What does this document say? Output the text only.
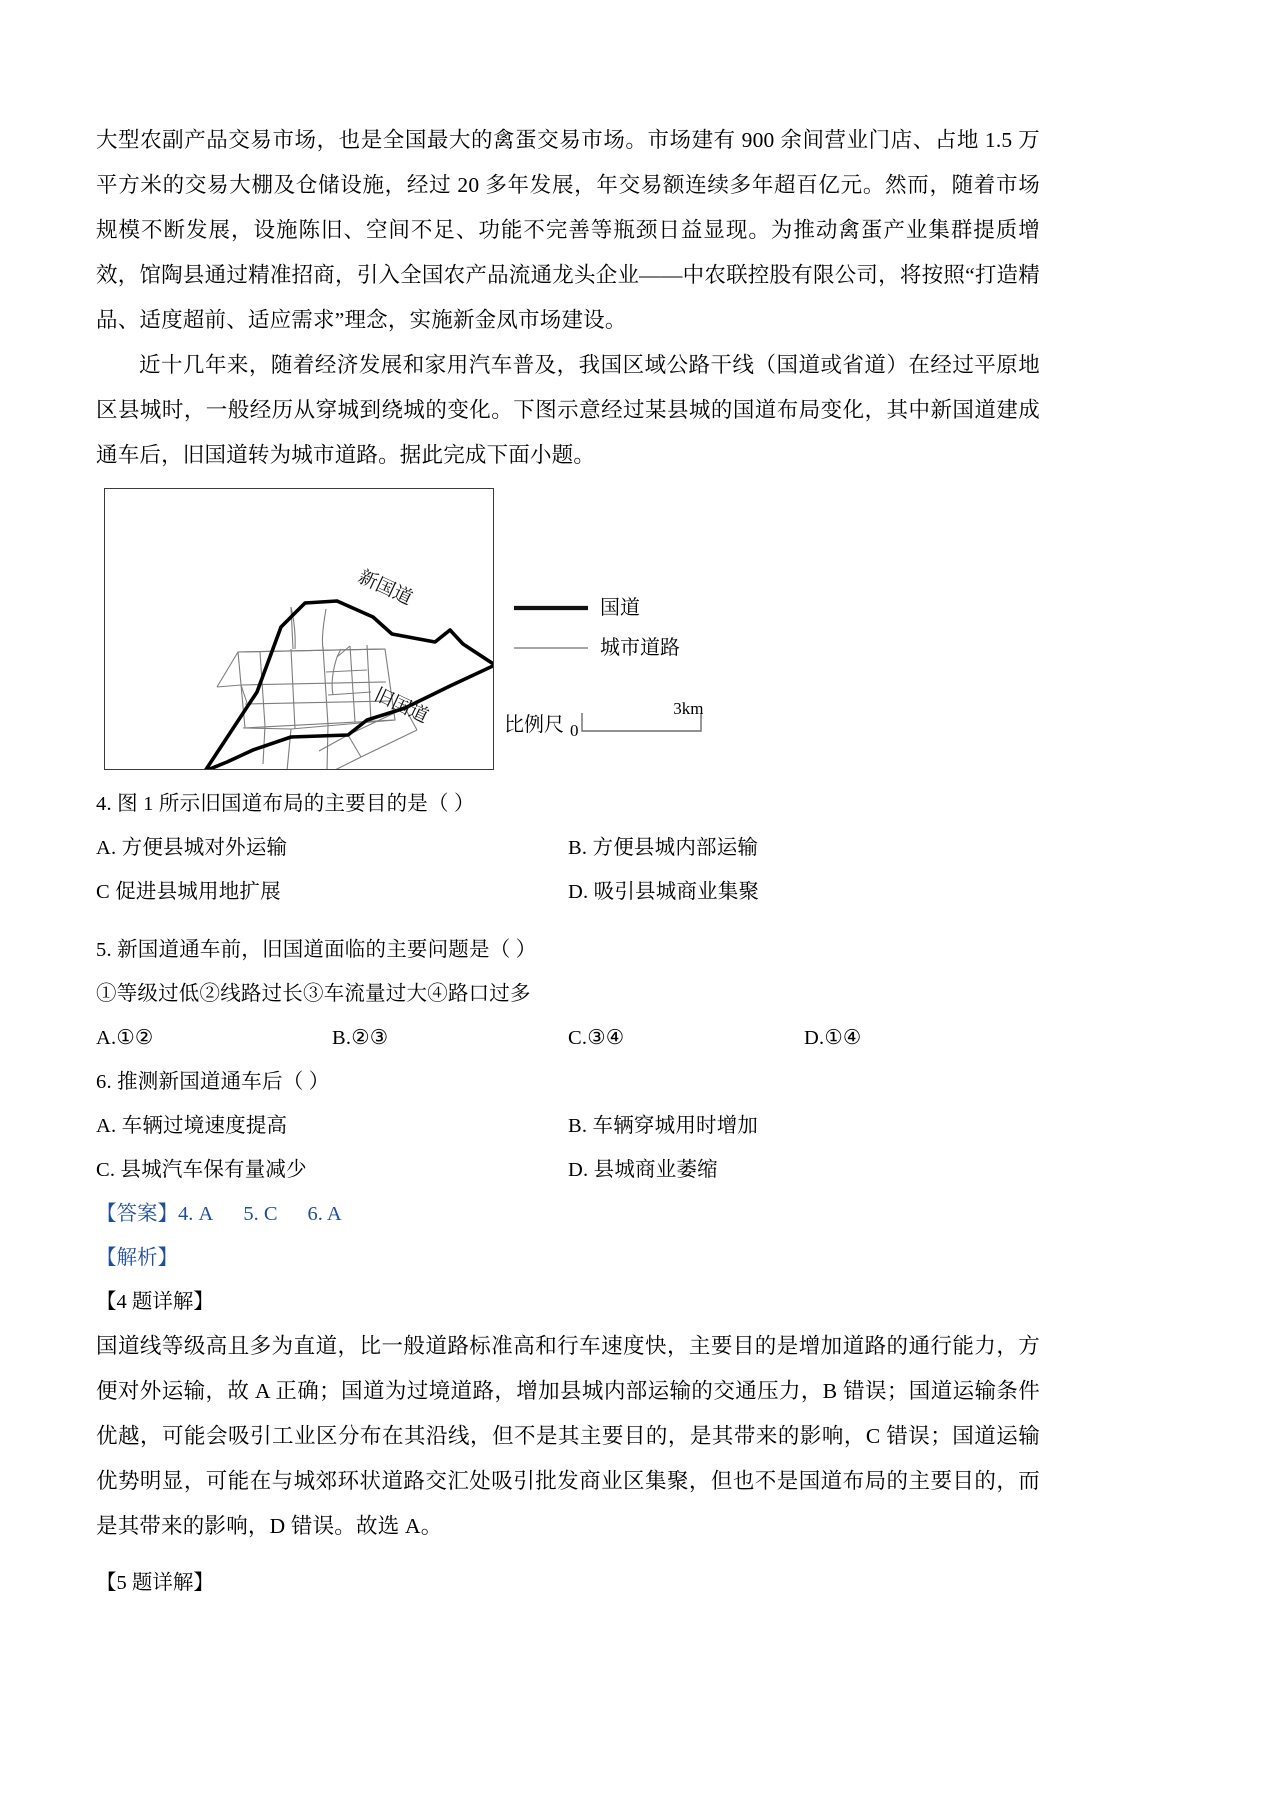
大型农副产品交易市场，也是全国最大的禽蛋交易市场。市场建有 900 余间营业门店、占地 1.5 万平方米的交易大棚及仓储设施，经过 20 多年发展，年交易额连续多年超百亿元。然而，随着市场规模不断发展，设施陈旧、空间不足、功能不完善等瓶颈日益显现。为推动禽蛋产业集群提质增效，馆陶县通过精准招商，引入全国农产品流通龙头企业——中农联控股有限公司，将按照“打造精品、适度超前、适应需求”理念，实施新金凤市场建设。

近十几年来，随着经济发展和家用汽车普及，我国区域公路干线（国道或省道）在经过平原地区县城时，一般经历从穿城到绕城的变化。下图示意经过某县城的国道布局变化，其中新国道建成通车后，旧国道转为城市道路。据此完成下面小题。

新国道
旧国道
国道
城市道路
比例尺 0
3km

4. 图 1 所示旧国道布局的主要目的是（ ）

A. 方便县城对外运输	B. 方便县城内部运输
C 促进县城用地扩展	D. 吸引县城商业集聚

5. 新国道通车前，旧国道面临的主要问题是（ ）

①等级过低②线路过长③车流量过大④路口过多

A.①②	B.②③	C.③④	D.①④

6. 推测新国道通车后（ ）

A. 车辆过境速度提高	B. 车辆穿城用时增加
C. 县城汽车保有量减少	D. 县城商业萎缩

【答案】4. A 5. C 6. A

【解析】

【4 题详解】

国道线等级高且多为直道，比一般道路标准高和行车速度快，主要目的是增加道路的通行能力，方便对外运输，故 A 正确；国道为过境道路，增加县城内部运输的交通压力，B 错误；国道运输条件优越，可能会吸引工业区分布在其沿线，但不是其主要目的，是其带来的影响，C 错误；国道运输优势明显，可能在与城郊环状道路交汇处吸引批发商业区集聚，但也不是国道布局的主要目的，而是其带来的影响，D 错误。故选 A。

【5 题详解】
